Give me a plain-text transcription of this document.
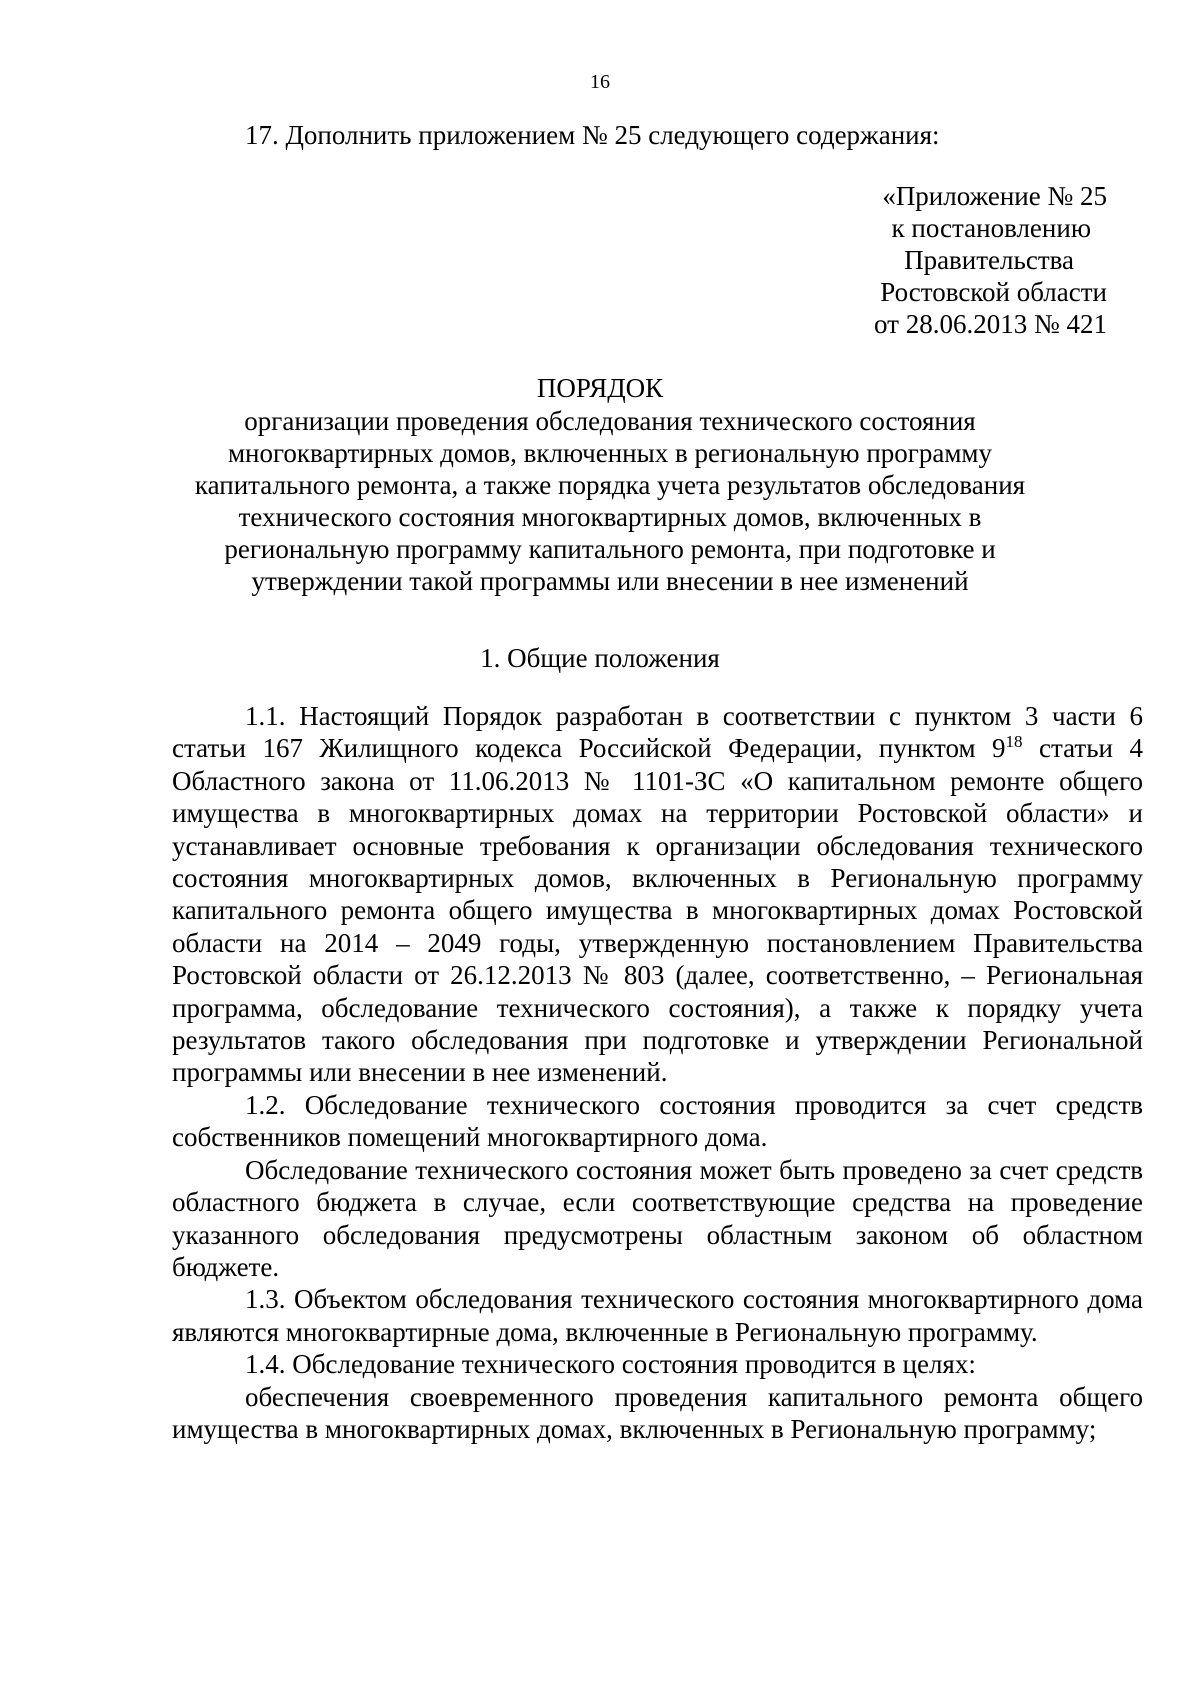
16
17. Дополнить приложением № 25 следующего содержания:
«Приложение № 25
к постановлению
Правительства
Ростовской области
от 28.06.2013 № 421
ПОРЯДОК
организации проведения обследования технического состояния многоквартирных домов, включенных в региональную программу капитального ремонта, а также порядка учета результатов обследования технического состояния многоквартирных домов, включенных в региональную программу капитального ремонта, при подготовке и утверждении такой программы или внесении в нее изменений
1. Общие положения

1.1. Настоящий Порядок разработан в соответствии с пунктом 3 части 6 статьи 167 Жилищного кодекса Российской Федерации, пунктом $9^{18}$ статьи 4 Областного закона от 11.06.2013 № 1101-ЗС «О капитальном ремонте общего имущества в многоквартирных домах на территории Ростовской области» и устанавливает основные требования к организации обследования технического состояния многоквартирных домов, включенных в Региональную программу капитального ремонта общего имущества в многоквартирных домах Ростовской области на 2014 – 2049 годы, утвержденную постановлением Правительства Ростовской области от 26.12.2013 № 803 (далее, соответственно, – Региональная программа, обследование технического состояния), а также к порядку учета результатов такого обследования при подготовке и утверждении Региональной программы или внесении в нее изменений.

1.2. Обследование технического состояния проводится за счет средств собственников помещений многоквартирного дома.

Обследование технического состояния может быть проведено за счет средств областного бюджета в случае, если соответствующие средства на проведение указанного обследования предусмотрены областным законом об областном бюджете.

1.3. Объектом обследования технического состояния многоквартирного дома являются многоквартирные дома, включенные в Региональную программу.

1.4. Обследование технического состояния проводится в целях:

обеспечения своевременного проведения капитального ремонта общего имущества в многоквартирных домах, включенных в Региональную программу;
